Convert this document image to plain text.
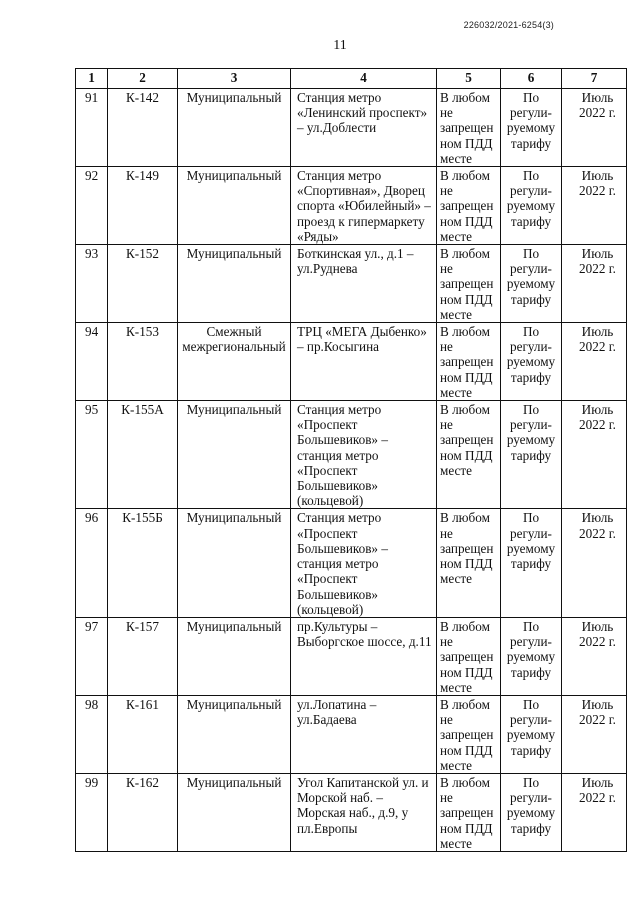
226032/2021-6254(3)
11
1	2	3	4	5	6	7
91	К-142	Муниципальный	Станция метро «Ленинский проспект» – ул.Доблести	В любом не запрещенном ПДД месте	По регули-руемому тарифу	Июль 2022 г.
92	К-149	Муниципальный	Станция метро «Спортивная», Дворец спорта «Юбилейный» – проезд к гипермаркету «Ряды»	В любом не запрещенном ПДД месте	По регули-руемому тарифу	Июль 2022 г.
93	К-152	Муниципальный	Боткинская ул., д.1 – ул.Руднева	В любом не запрещенном ПДД месте	По регули-руемому тарифу	Июль 2022 г.
94	К-153	Смежный межрегиональный	ТРЦ «МЕГА Дыбенко» – пр.Косыгина	В любом не запрещенном ПДД месте	По регули-руемому тарифу	Июль 2022 г.
95	К-155А	Муниципальный	Станция метро «Проспект Большевиков» – станция метро «Проспект Большевиков» (кольцевой)	В любом не запрещенном ПДД месте	По регули-руемому тарифу	Июль 2022 г.
96	К-155Б	Муниципальный	Станция метро «Проспект Большевиков» – станция метро «Проспект Большевиков» (кольцевой)	В любом не запрещенном ПДД месте	По регули-руемому тарифу	Июль 2022 г.
97	К-157	Муниципальный	пр.Культуры – Выборгское шоссе, д.11	В любом не запрещенном ПДД месте	По регули-руемому тарифу	Июль 2022 г.
98	К-161	Муниципальный	ул.Лопатина – ул.Бадаева	В любом не запрещенном ПДД месте	По регули-руемому тарифу	Июль 2022 г.
99	К-162	Муниципальный	Угол Капитанской ул. и Морской наб. – Морская наб., д.9, у пл.Европы	В любом не запрещенном ПДД месте	По регули-руемому тарифу	Июль 2022 г.
